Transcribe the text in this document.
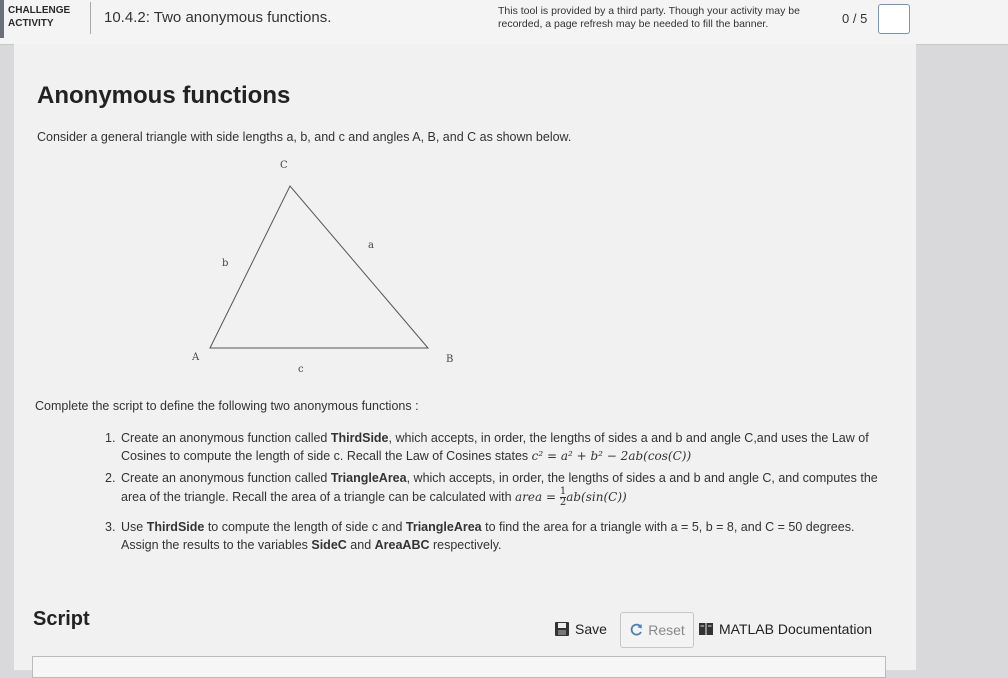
CHALLENGE
ACTIVITY	10.4.2: Two anonymous functions.	This tool is provided by a third party. Though your activity may be
recorded, a page refresh may be needed to fill the banner.	0 / 5
Anonymous functions
Consider a general triangle with side lengths a, b, and c and angles A, B, and C as shown below.
C
a
b
A	B
c
Complete the script to define the following two anonymous functions :
1. Create an anonymous function called ThirdSide, which accepts, in order, the lengths of sides a and b and angle C,and uses the Law of Cosines to compute the length of side c. Recall the Law of Cosines states c² = a² + b² − 2ab(cos(C))
2. Create an anonymous function called TriangleArea, which accepts, in order, the lengths of sides a and b and angle C, and computes the area of the triangle. Recall the area of a triangle can be calculated with area = $\frac{1}{2} ab(\sin(C))$
3. Use ThirdSide to compute the length of side c and TriangleArea to find the area for a triangle with a = 5, b = 8, and C = 50 degrees. Assign the results to the variables SideC and AreaABC respectively.
Script	Save	Reset MATLAB Documentation
